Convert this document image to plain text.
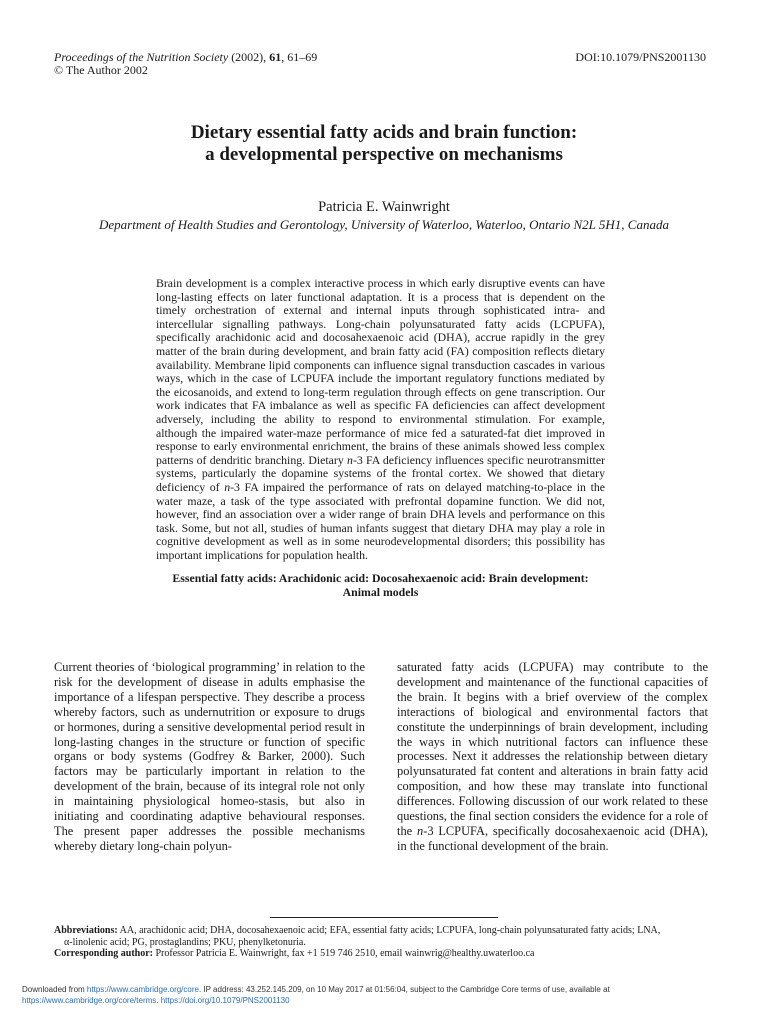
Proceedings of the Nutrition Society (2002), 61, 61–69
© The Author 2002
DOI:10.1079/PNS2001130
Dietary essential fatty acids and brain function:
a developmental perspective on mechanisms
Patricia E. Wainwright
Department of Health Studies and Gerontology, University of Waterloo, Waterloo, Ontario N2L 5H1, Canada

Brain development is a complex interactive process in which early disruptive events can have long-lasting effects on later functional adaptation. It is a process that is dependent on the timely orchestration of external and internal inputs through sophisticated intra- and intercellular signalling pathways. Long-chain polyunsaturated fatty acids (LCPUFA), specifically arachidonic acid and docosahexaenoic acid (DHA), accrue rapidly in the grey matter of the brain during development, and brain fatty acid (FA) composition reflects dietary availability. Membrane lipid components can influence signal transduction cascades in various ways, which in the case of LCPUFA include the important regulatory functions mediated by the eicosanoids, and extend to long-term regulation through effects on gene transcription. Our work indicates that FA imbalance as well as specific FA deficiencies can affect development adversely, including the ability to respond to environmental stimulation. For example, although the impaired water-maze performance of mice fed a saturated-fat diet improved in response to early environmental enrichment, the brains of these animals showed less complex patterns of dendritic branching. Dietary n-3 FA deficiency influences specific neurotransmitter systems, particularly the dopamine systems of the frontal cortex. We showed that dietary deficiency of n-3 FA impaired the performance of rats on delayed matching-to-place in the water maze, a task of the type associated with prefrontal dopamine function. We did not, however, find an association over a wider range of brain DHA levels and performance on this task. Some, but not all, studies of human infants suggest that dietary DHA may play a role in cognitive development as well as in some neurodevelopmental disorders; this possibility has important implications for population health.

Essential fatty acids: Arachidonic acid: Docosahexaenoic acid: Brain development:
Animal models

Current theories of ‘biological programming’ in relation to the risk for the development of disease in adults emphasise the importance of a lifespan perspective. They describe a process whereby factors, such as undernutrition or exposure to drugs or hormones, during a sensitive developmental period result in long-lasting changes in the structure or function of specific organs or body systems (Godfrey & Barker, 2000). Such factors may be particularly important in relation to the development of the brain, because of its integral role not only in maintaining physiological homeo-stasis, but also in initiating and coordinating adaptive behavioural responses. The present paper addresses the possible mechanisms whereby dietary long-chain polyun-

saturated fatty acids (LCPUFA) may contribute to the development and maintenance of the functional capacities of the brain. It begins with a brief overview of the complex interactions of biological and environmental factors that constitute the underpinnings of brain development, including the ways in which nutritional factors can influence these processes. Next it addresses the relationship between dietary polyunsaturated fat content and alterations in brain fatty acid composition, and how these may translate into functional differences. Following discussion of our work related to these questions, the final section considers the evidence for a role of the n-3 LCPUFA, specifically docosahexaenoic acid (DHA), in the functional development of the brain.

Abbreviations: AA, arachidonic acid; DHA, docosahexaenoic acid; EFA, essential fatty acids; LCPUFA, long-chain polyunsaturated fatty acids; LNA,
α-linolenic acid; PG, prostaglandins; PKU, phenylketonuria.
Corresponding author: Professor Patricia E. Wainwright, fax +1 519 746 2510, email wainwrig@healthy.uwaterloo.ca
Downloaded from https://www.cambridge.org/core. IP address: 43.252.145.209, on 10 May 2017 at 01:56:04, subject to the Cambridge Core terms of use, available at
https://www.cambridge.org/core/terms. https://doi.org/10.1079/PNS2001130
